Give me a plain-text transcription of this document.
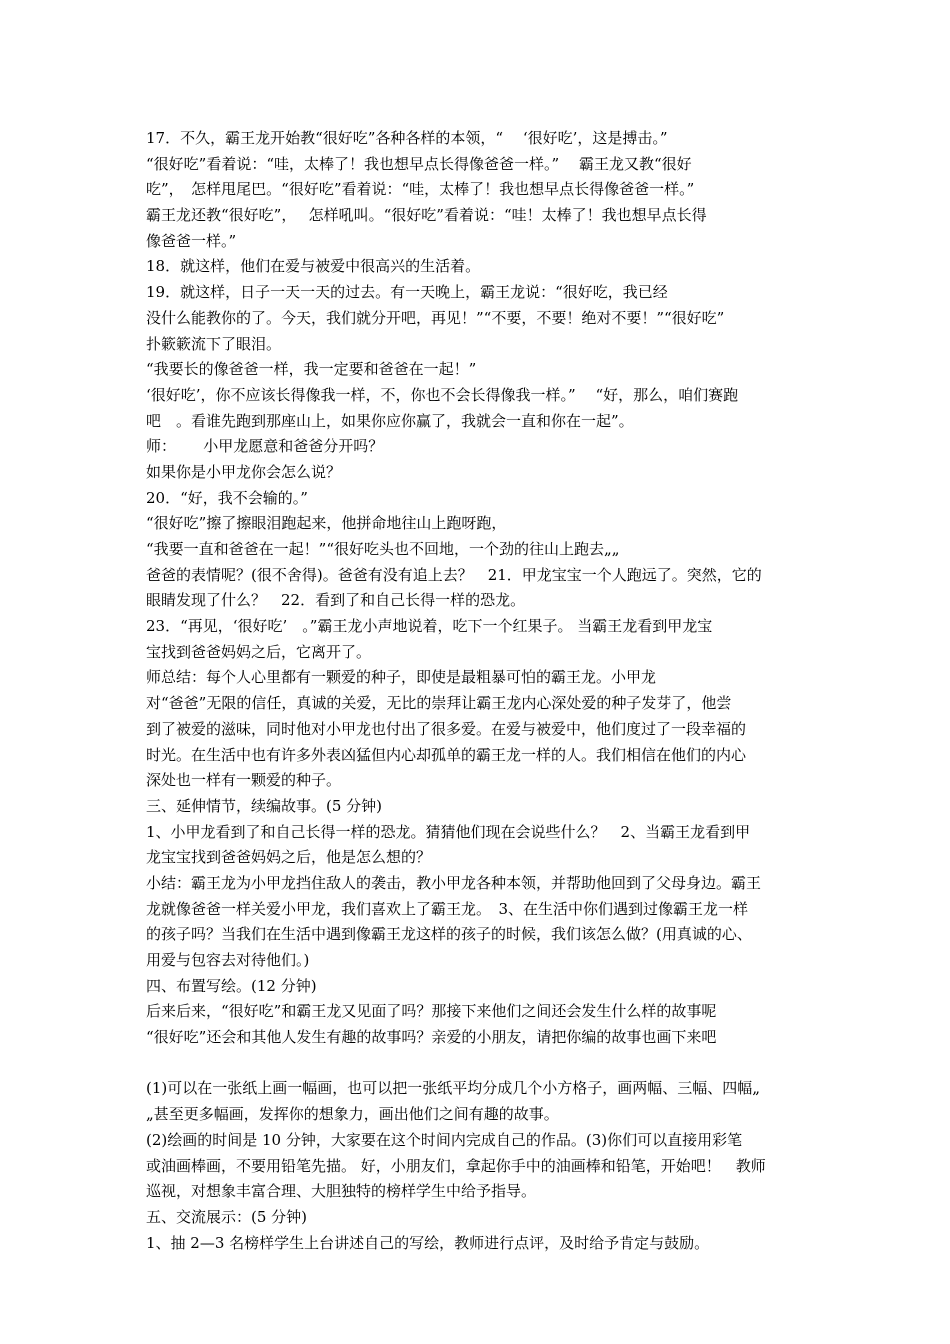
17．不久，霸王龙开始教“很好吃”各种各样的本领，“　 ‘很好吃’，这是搏击。”
“很好吃”看着说：“哇，太棒了！我也想早点长得像爸爸一样。”　 霸王龙又教“很好
吃”，　怎样甩尾巴。“很好吃”看着说：“哇，太棒了！我也想早点长得像爸爸一样。”
霸王龙还教“很好吃”，　 怎样吼叫。“很好吃”看着说：“哇！太棒了！我也想早点长得
像爸爸一样。”
18．就这样，他们在爱与被爱中很高兴的生活着。
19．就这样，日子一天一天的过去。有一天晚上，霸王龙说：“很好吃，我已经
没什么能教你的了。今天，我们就分开吧，再见！”“不要，不要！绝对不要！”“很好吃”
扑簌簌流下了眼泪。
“我要长的像爸爸一样，我一定要和爸爸在一起！”
‘很好吃’，你不应该长得像我一样，不，你也不会长得像我一样。”　 “好，那么，咱们赛跑
吧　。看谁先跑到那座山上，如果你应你赢了，我就会一直和你在一起”。
师：　　 小甲龙愿意和爸爸分开吗？
如果你是小甲龙你会怎么说？
20．“好，我不会输的。”
“很好吃”擦了擦眼泪跑起来，他拼命地往山上跑呀跑，
“我要一直和爸爸在一起！”“很好吃头也不回地，一个劲的往山上跑去„„
爸爸的表情呢？(很不舍得)。爸爸有没有追上去？　21．甲龙宝宝一个人跑远了。突然，它的
眼睛发现了什么？　22．看到了和自己长得一样的恐龙。
23．“再见，‘很好吃’　。”霸王龙小声地说着，吃下一个红果子。 当霸王龙看到甲龙宝
宝找到爸爸妈妈之后，它离开了。
师总结：每个人心里都有一颗爱的种子，即使是最粗暴可怕的霸王龙。小甲龙
对“爸爸”无限的信任，真诚的关爱，无比的崇拜让霸王龙内心深处爱的种子发芽了，他尝
到了被爱的滋味，同时他对小甲龙也付出了很多爱。在爱与被爱中，他们度过了一段幸福的
时光。在生活中也有许多外表凶猛但内心却孤单的霸王龙一样的人。我们相信在他们的内心
深处也一样有一颗爱的种子。
三、延伸情节，续编故事。(5 分钟)
1、小甲龙看到了和自己长得一样的恐龙。猜猜他们现在会说些什么？　2、当霸王龙看到甲
龙宝宝找到爸爸妈妈之后，他是怎么想的？
小结：霸王龙为小甲龙挡住敌人的袭击，教小甲龙各种本领，并帮助他回到了父母身边。霸王
龙就像爸爸一样关爱小甲龙，我们喜欢上了霸王龙。　3、在生活中你们遇到过像霸王龙一样
的孩子吗？当我们在生活中遇到像霸王龙这样的孩子的时候，我们该怎么做？(用真诚的心、
用爱与包容去对待他们。)
四、布置写绘。(12 分钟)
后来后来，“很好吃”和霸王龙又见面了吗？那接下来他们之间还会发生什么样的故事呢
“很好吃”还会和其他人发生有趣的故事吗？亲爱的小朋友，请把你编的故事也画下来吧
(1)可以在一张纸上画一幅画，也可以把一张纸平均分成几个小方格子，画两幅、三幅、四幅„
„甚至更多幅画，发挥你的想象力，画出他们之间有趣的故事。
(2)绘画的时间是 10 分钟，大家要在这个时间内完成自己的作品。(3)你们可以直接用彩笔
或油画棒画，不要用铅笔先描。 好，小朋友们，拿起你手中的油画棒和铅笔，开始吧！　教师
巡视，对想象丰富合理、大胆独特的榜样学生中给予指导。
五、交流展示：(5 分钟)
1、抽 2—3 名榜样学生上台讲述自己的写绘，教师进行点评，及时给予肯定与鼓励。
